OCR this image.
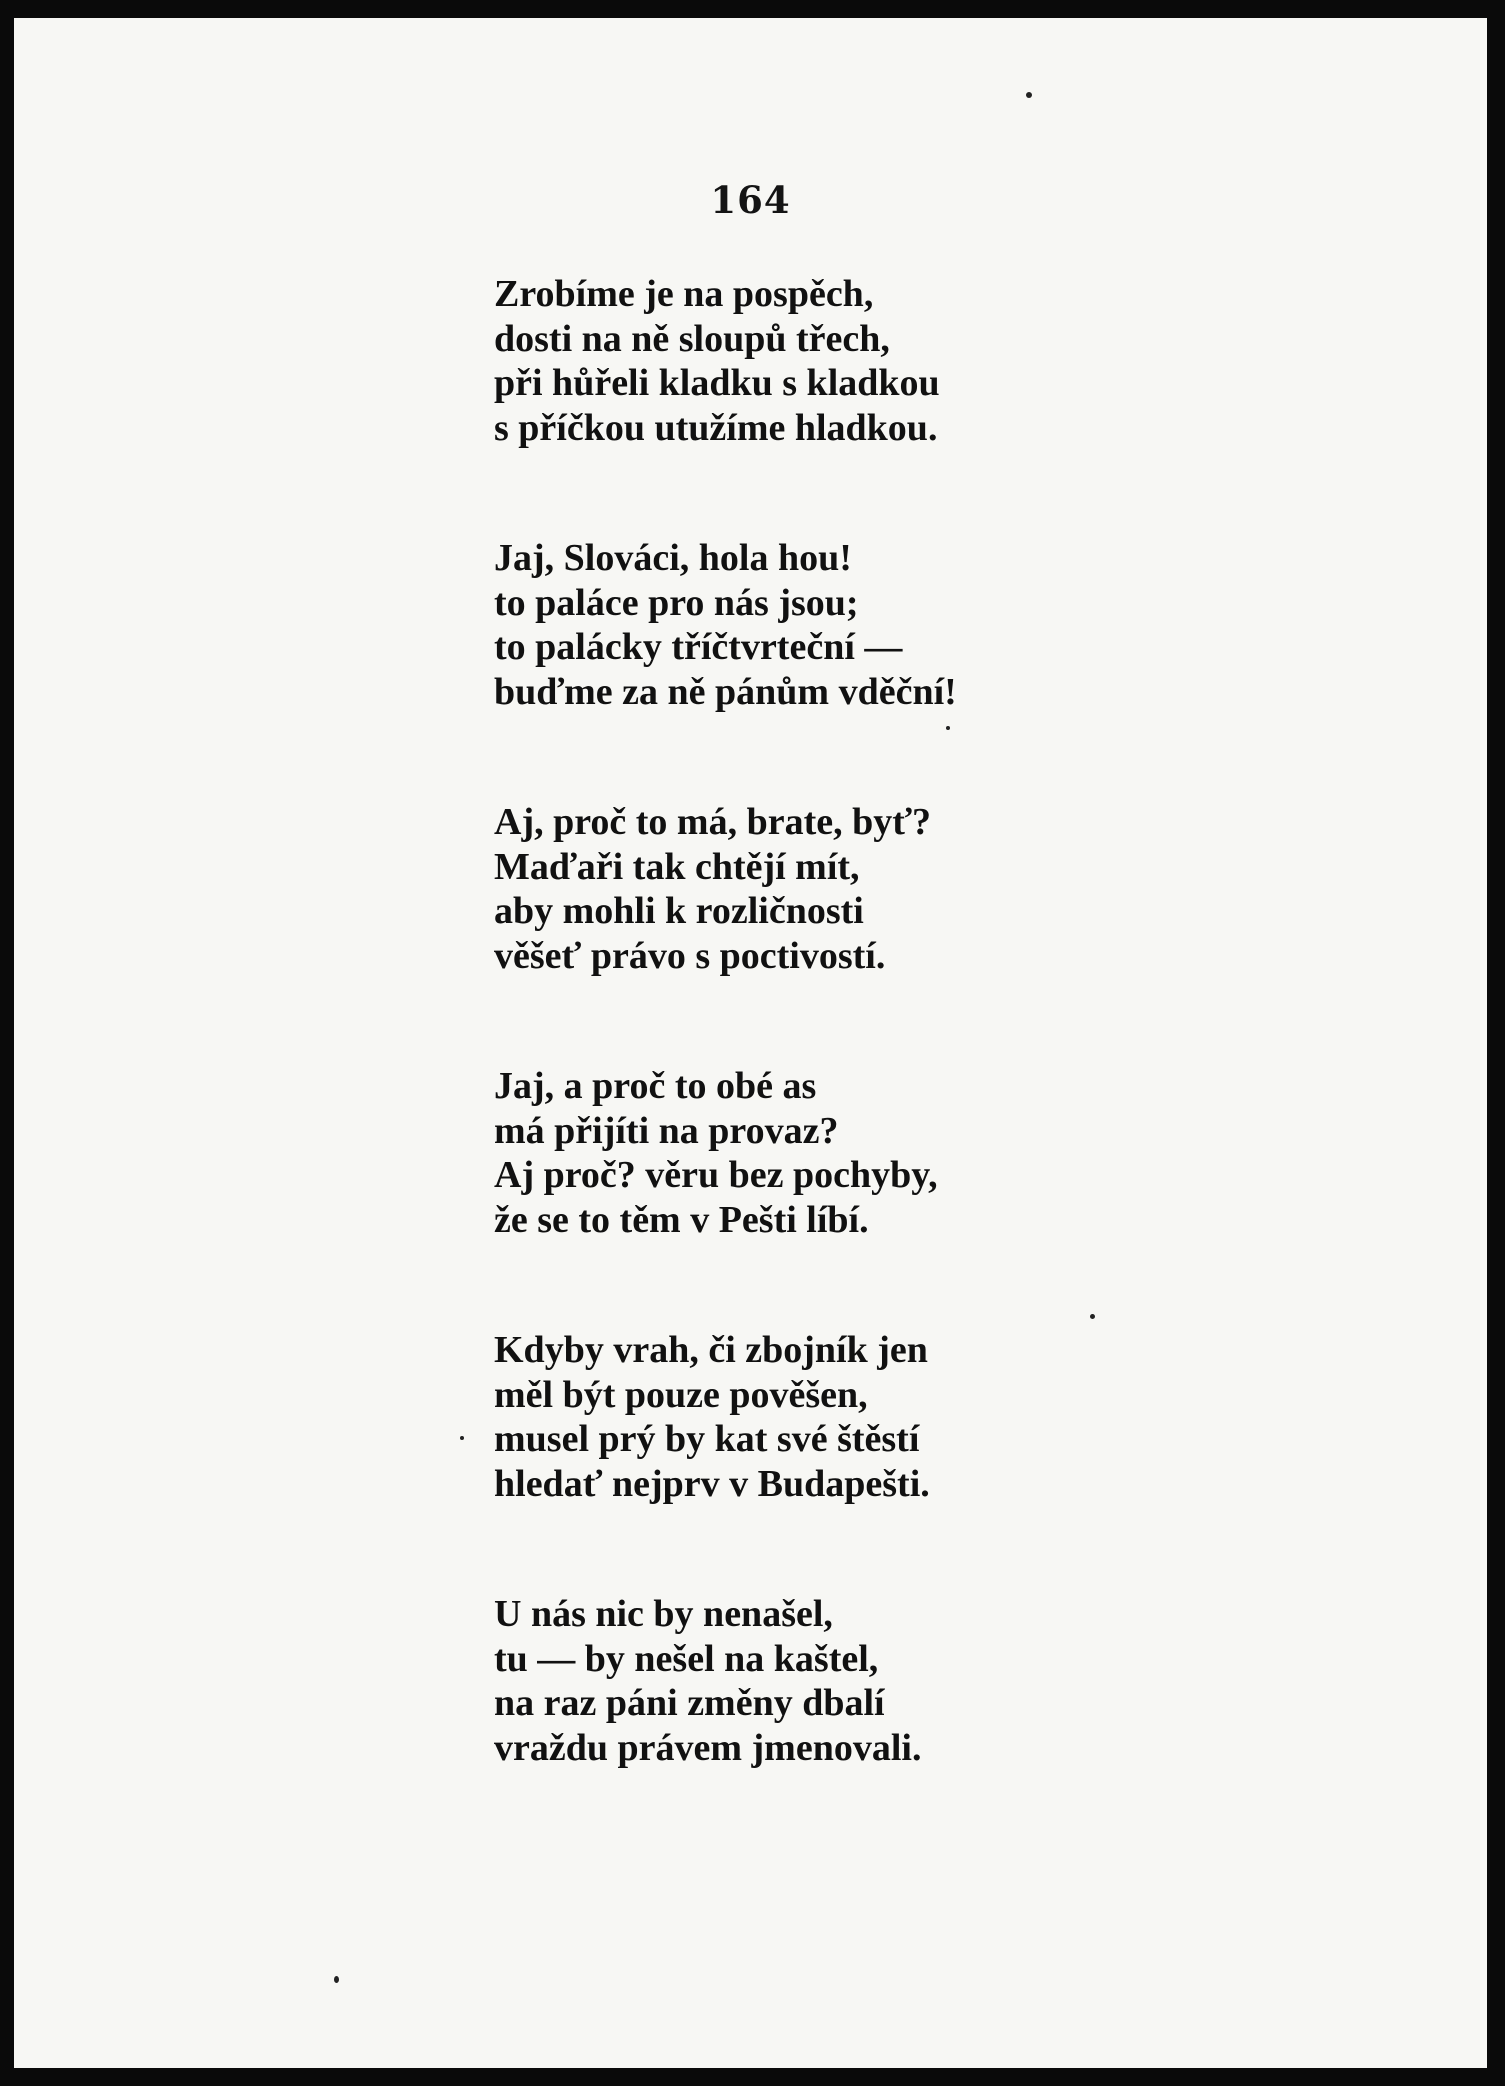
164
Zrobíme je na pospěch,
dosti na ně sloupů třech,
při hůřeli kladku s kladkou
s příčkou utužíme hladkou.
Jaj, Slováci, hola hou!
to paláce pro nás jsou;
to palácky tříčtvrteční —
buďme za ně pánům vděční!
Aj, proč to má, brate, byť?
Maďaři tak chtějí mít,
aby mohli k rozličnosti
věšeť právo s poctivostí.
Jaj, a proč to obé as
má přijíti na provaz?
Aj proč? věru bez pochyby,
že se to těm v Pešti líbí.
Kdyby vrah, či zbojník jen
měl být pouze pověšen,
musel prý by kat své štěstí
hledať nejprv v Budapešti.
U nás nic by nenašel,
tu — by nešel na kaštel,
na raz páni změny dbalí
vraždu právem jmenovali.
